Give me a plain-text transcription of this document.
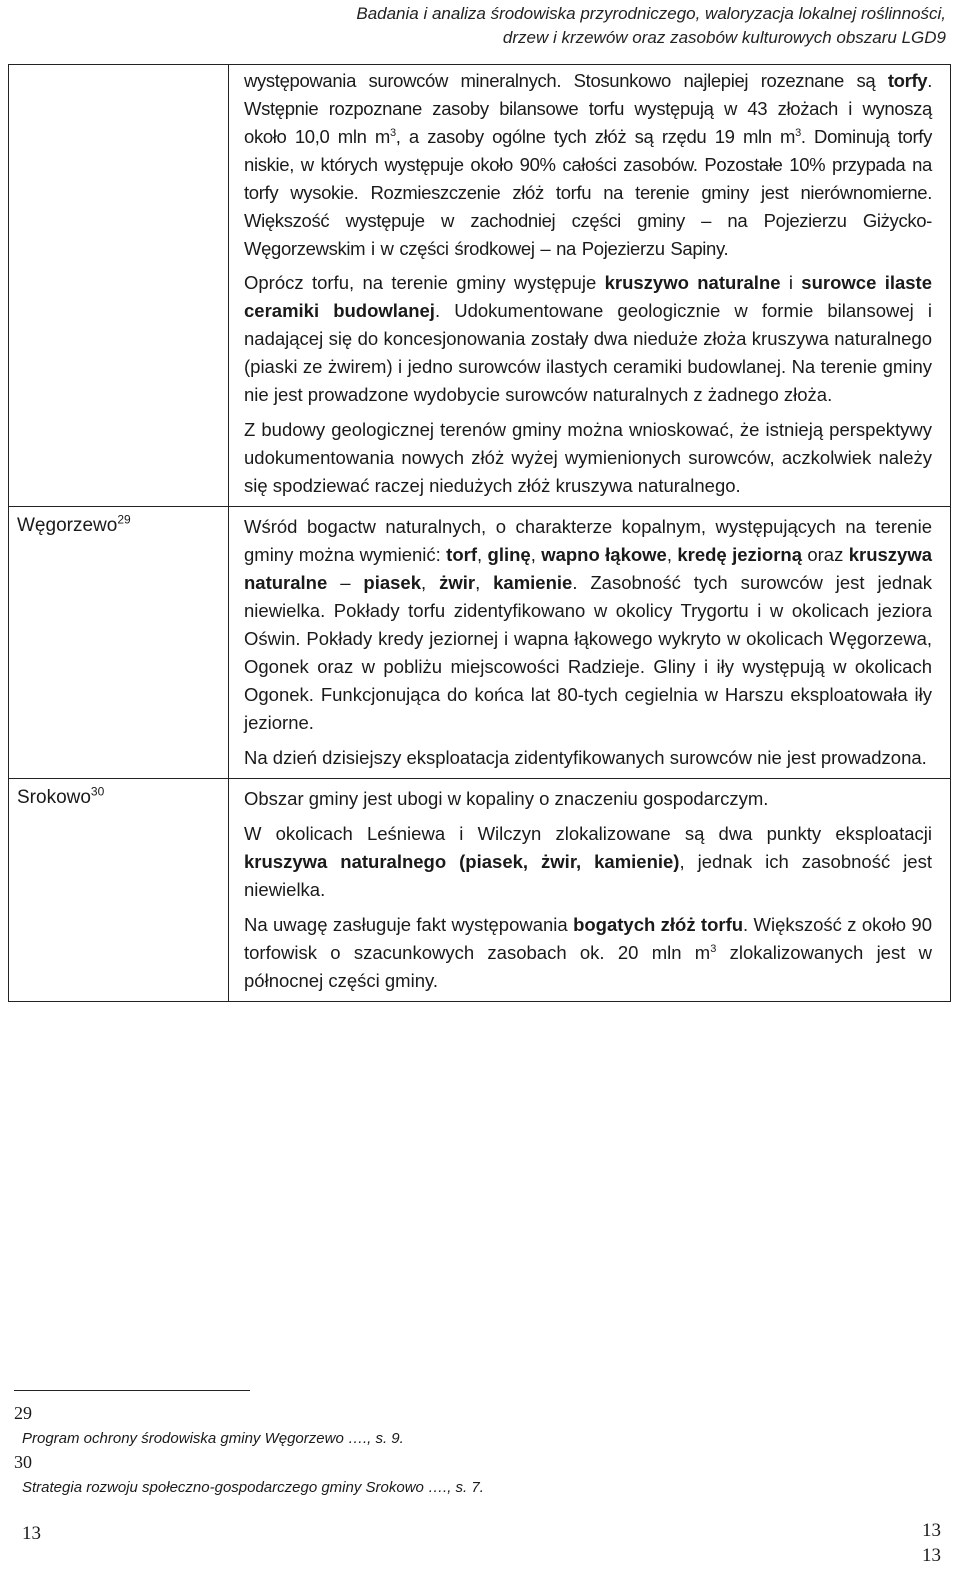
Badania i analiza środowiska przyrodniczego, waloryzacja lokalnej roślinności,
drzew i krzewów oraz zasobów kulturowych obszaru LGD9

	występowania surowców mineralnych. Stosunkowo najlepiej rozeznane są torfy. Wstępnie rozpoznane zasoby bilansowe torfu występują w 43 złożach i wynoszą około 10,0 mln $m^3$, a zasoby ogólne tych złóż są rzędu 19 mln $m^3$. Dominują torfy niskie, w których występuje około 90% całości zasobów. Pozostałe 10% przypada na torfy wysokie. Rozmieszczenie złóż torfu na terenie gminy jest nierównomierne. Większość występuje w zachodniej części gminy – na Pojezierzu Giżycko-Węgorzewskim i w części środkowej – na Pojezierzu Sapiny.
Oprócz torfu, na terenie gminy występuje kruszywo naturalne i surowce ilaste ceramiki budowlanej. Udokumentowane geologicznie w formie bilansowej i nadającej się do koncesjonowania zostały dwa nieduże złoża kruszywa naturalnego (piaski ze żwirem) i jedno surowców ilastych ceramiki budowlanej. Na terenie gminy nie jest prowadzone wydobycie surowców naturalnych z żadnego złoża.
Z budowy geologicznej terenów gminy można wnioskować, że istnieją perspektywy udokumentowania nowych złóż wyżej wymienionych surowców, aczkolwiek należy się spodziewać raczej niedużych złóż kruszywa naturalnego.

Węgorzewo$^{29}$	Wśród bogactw naturalnych, o charakterze kopalnym, występujących na terenie gminy można wymienić: torf, glinę, wapno łąkowe, kredę jeziorną oraz kruszywa naturalne – piasek, żwir, kamienie. Zasobność tych surowców jest jednak niewielka. Pokłady torfu zidentyfikowano w okolicy Trygortu i w okolicach jeziora Oświn. Pokłady kredy jeziornej i wapna łąkowego wykryto w okolicach Węgorzewa, Ogonek oraz w pobliżu miejscowości Radzieje. Gliny i iły występują w okolicach Ogonek. Funkcjonująca do końca lat 80-tych cegielnia w Harszu eksploatowała iły jeziorne.
Na dzień dzisiejszy eksploatacja zidentyfikowanych surowców nie jest prowadzona.

Srokowo$^{30}$	Obszar gminy jest ubogi w kopaliny o znaczeniu gospodarczym.
W okolicach Leśniewa i Wilczyn zlokalizowane są dwa punkty eksploatacji kruszywa naturalnego (piasek, żwir, kamienie), jednak ich zasobność jest niewielka.
Na uwagę zasługuje fakt występowania bogatych złóż torfu. Większość z około 90 torfowisk o szacunkowych zasobach ok. 20 mln $m^3$ zlokalizowanych jest w północnej części gminy.
29
Program ochrony środowiska gminy Węgorzewo …., s. 9.
30
Strategia rozwoju społeczno-gospodarczego gminy Srokowo …., s. 7.
13	13
13
